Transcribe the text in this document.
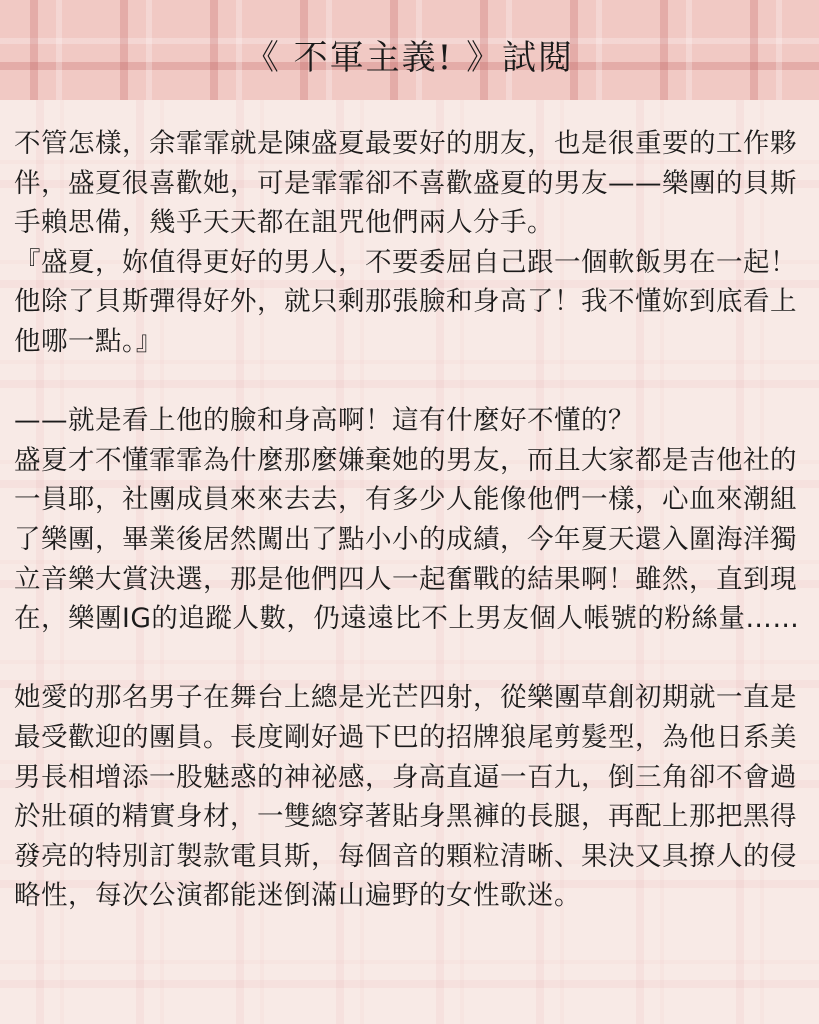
《 不軍主義! 》試閱

不管怎樣，余霏霏就是陳盛夏最要好的朋友，也是很重要的工作夥伴，盛夏很喜歡她，可是霏霏卻不喜歡盛夏的男友——樂團的貝斯手賴思備，幾乎天天都在詛咒他們兩人分手。

『盛夏，妳值得更好的男人，不要委屈自己跟一個軟飯男在一起！他除了貝斯彈得好外，就只剩那張臉和身高了！我不懂妳到底看上他哪一點。』

——就是看上他的臉和身高啊！這有什麼好不懂的？

盛夏才不懂霏霏為什麼那麼嫌棄她的男友，而且大家都是吉他社的一員耶，社團成員來來去去，有多少人能像他們一樣，心血來潮組了樂團，畢業後居然闖出了點小小的成績，今年夏天還入圍海洋獨立音樂大賞決選，那是他們四人一起奮戰的結果啊！雖然，直到現在，樂團IG的追蹤人數，仍遠遠比不上男友個人帳號的粉絲量……

她愛的那名男子在舞台上總是光芒四射，從樂團草創初期就一直是最受歡迎的團員。長度剛好過下巴的招牌狼尾剪髮型，為他日系美男長相增添一股魅惑的神祕感，身高直逼一百九，倒三角卻不會過於壯碩的精實身材，一雙總穿著貼身黑褲的長腿，再配上那把黑得發亮的特別訂製款電貝斯，每個音的顆粒清晰、果決又具撩人的侵略性，每次公演都能迷倒滿山遍野的女性歌迷。
